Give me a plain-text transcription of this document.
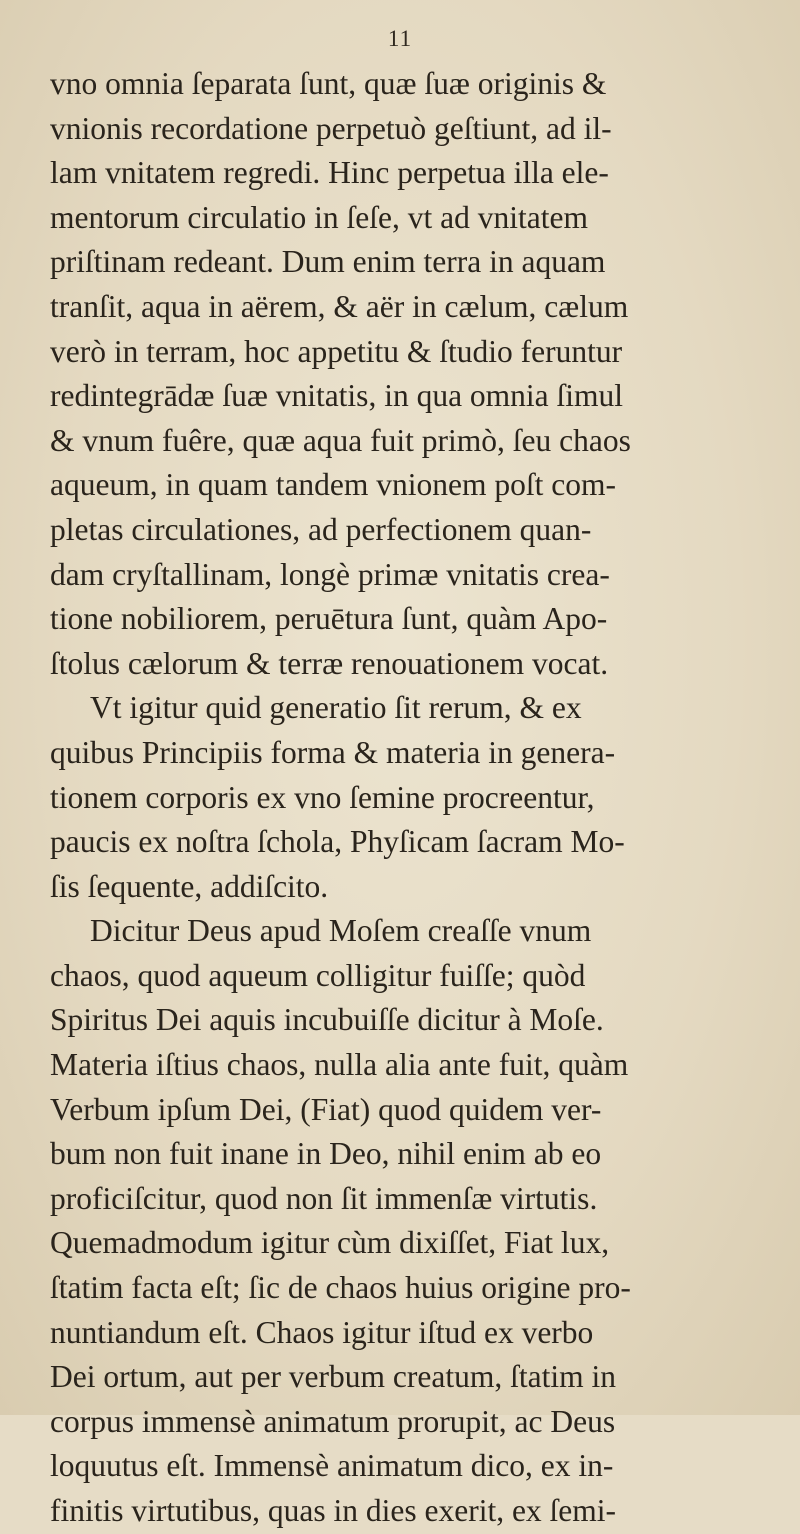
11
vno omnia ſeparata ſunt, quæ ſuæ originis &
vnionis recordatione perpetuò geſtiunt, ad il-
lam vnitatem regredi. Hinc perpetua illa ele-
mentorum circulatio in ſeſe, vt ad vnitatem
priſtinam redeant. Dum enim terra in aquam
tranſit, aqua in aërem, & aër in cælum, cælum
verò in terram, hoc appetitu & ſtudio feruntur
redintegrādæ ſuæ vnitatis, in qua omnia ſimul
& vnum fuêre, quæ aqua fuit primò, ſeu chaos
aqueum, in quam tandem vnionem poſt com-
pletas circulationes, ad perfectionem quan-
dam cryſtallinam, longè primæ vnitatis crea-
tione nobiliorem, peruētura ſunt, quàm Apo-
ſtolus cælorum & terræ renouationem vocat.
Vt igitur quid generatio ſit rerum, & ex
quibus Principiis forma & materia in genera-
tionem corporis ex vno ſemine procreentur,
paucis ex noſtra ſchola, Phyſicam ſacram Mo-
ſis ſequente, addiſcito.
Dicitur Deus apud Moſem creaſſe vnum
chaos, quod aqueum colligitur fuiſſe; quòd
Spiritus Dei aquis incubuiſſe dicitur à Moſe.
Materia iſtius chaos, nulla alia ante fuit, quàm
Verbum ipſum Dei, (Fiat) quod quidem ver-
bum non fuit inane in Deo, nihil enim ab eo
proficiſcitur, quod non ſit immenſæ virtutis.
Quemadmodum igitur cùm dixiſſet, Fiat lux,
ſtatim facta eſt; ſic de chaos huius origine pro-
nuntiandum eſt. Chaos igitur iſtud ex verbo
Dei ortum, aut per verbum creatum, ſtatim in
corpus immensè animatum prorupit, ac Deus
loquutus eſt. Immensè animatum dico, ex in-
finitis virtutibus, quas in dies exerit, ex ſemi-
